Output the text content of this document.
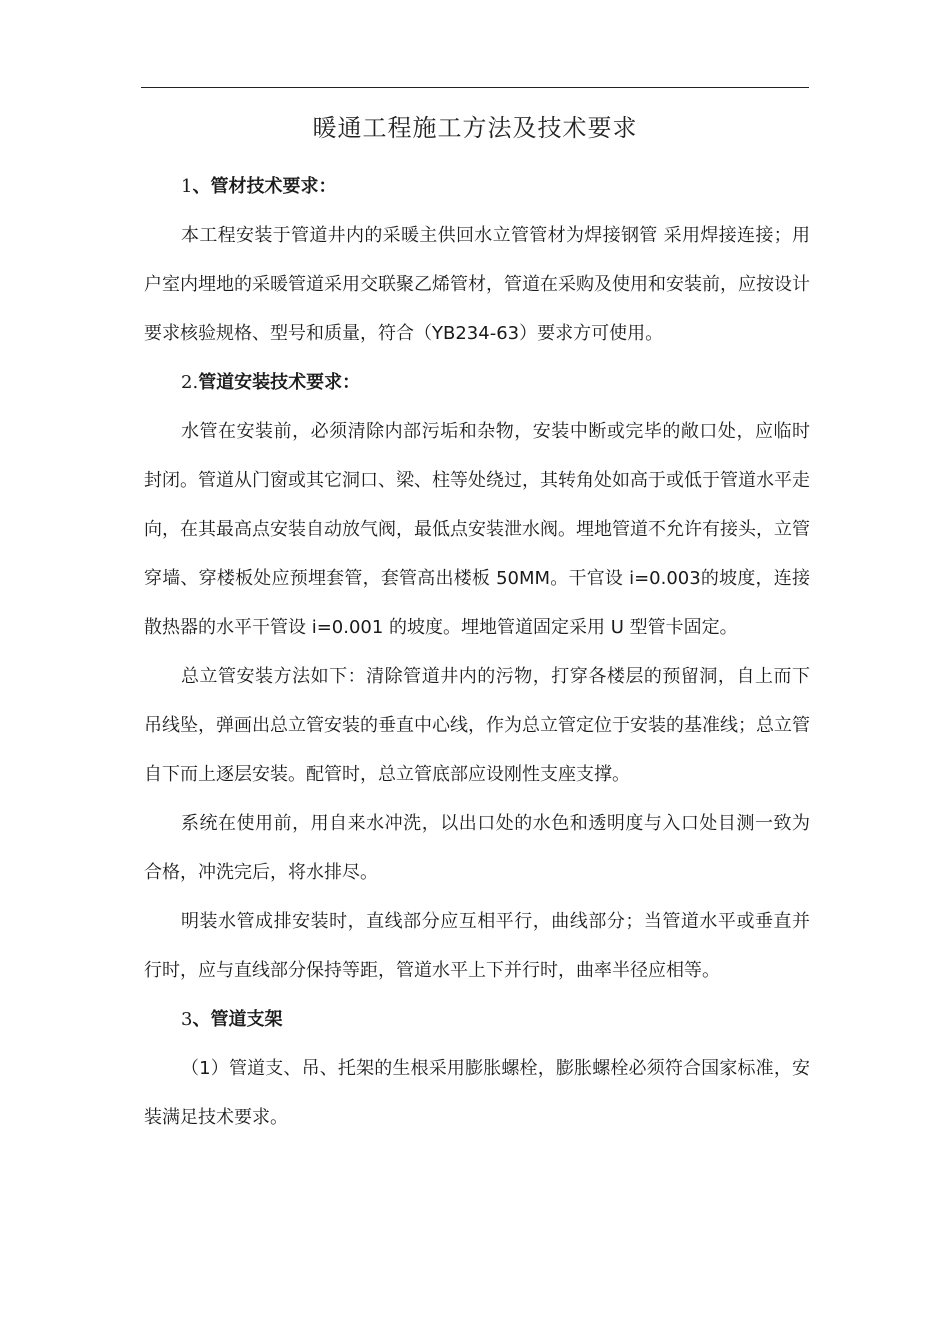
暖通工程施工方法及技术要求
1、管材技术要求：
本工程安装于管道井内的采暖主供回水立管管材为焊接钢管 采用焊接连接；用户室内埋地的采暖管道采用交联聚乙烯管材，管道在采购及使用和安装前，应按设计要求核验规格、型号和质量，符合（YB234-63）要求方可使用。
2.管道安装技术要求：
水管在安装前，必须清除内部污垢和杂物，安装中断或完毕的敞口处，应临时封闭。管道从门窗或其它洞口、梁、柱等处绕过，其转角处如高于或低于管道水平走向，在其最高点安装自动放气阀，最低点安装泄水阀。埋地管道不允许有接头，立管穿墙、穿楼板处应预埋套管，套管高出楼板 50MM。干官设 i=0.003的坡度，连接散热器的水平干管设 i=0.001 的坡度。埋地管道固定采用 U 型管卡固定。
总立管安装方法如下：清除管道井内的污物，打穿各楼层的预留洞，自上而下吊线坠，弹画出总立管安装的垂直中心线，作为总立管定位于安装的基准线；总立管自下而上逐层安装。配管时，总立管底部应设刚性支座支撑。
系统在使用前，用自来水冲洗，以出口处的水色和透明度与入口处目测一致为合格，冲洗完后，将水排尽。
明装水管成排安装时，直线部分应互相平行，曲线部分；当管道水平或垂直并行时，应与直线部分保持等距，管道水平上下并行时，曲率半径应相等。
3、管道支架
（1）管道支、吊、托架的生根采用膨胀螺栓，膨胀螺栓必须符合国家标准，安装满足技术要求。
